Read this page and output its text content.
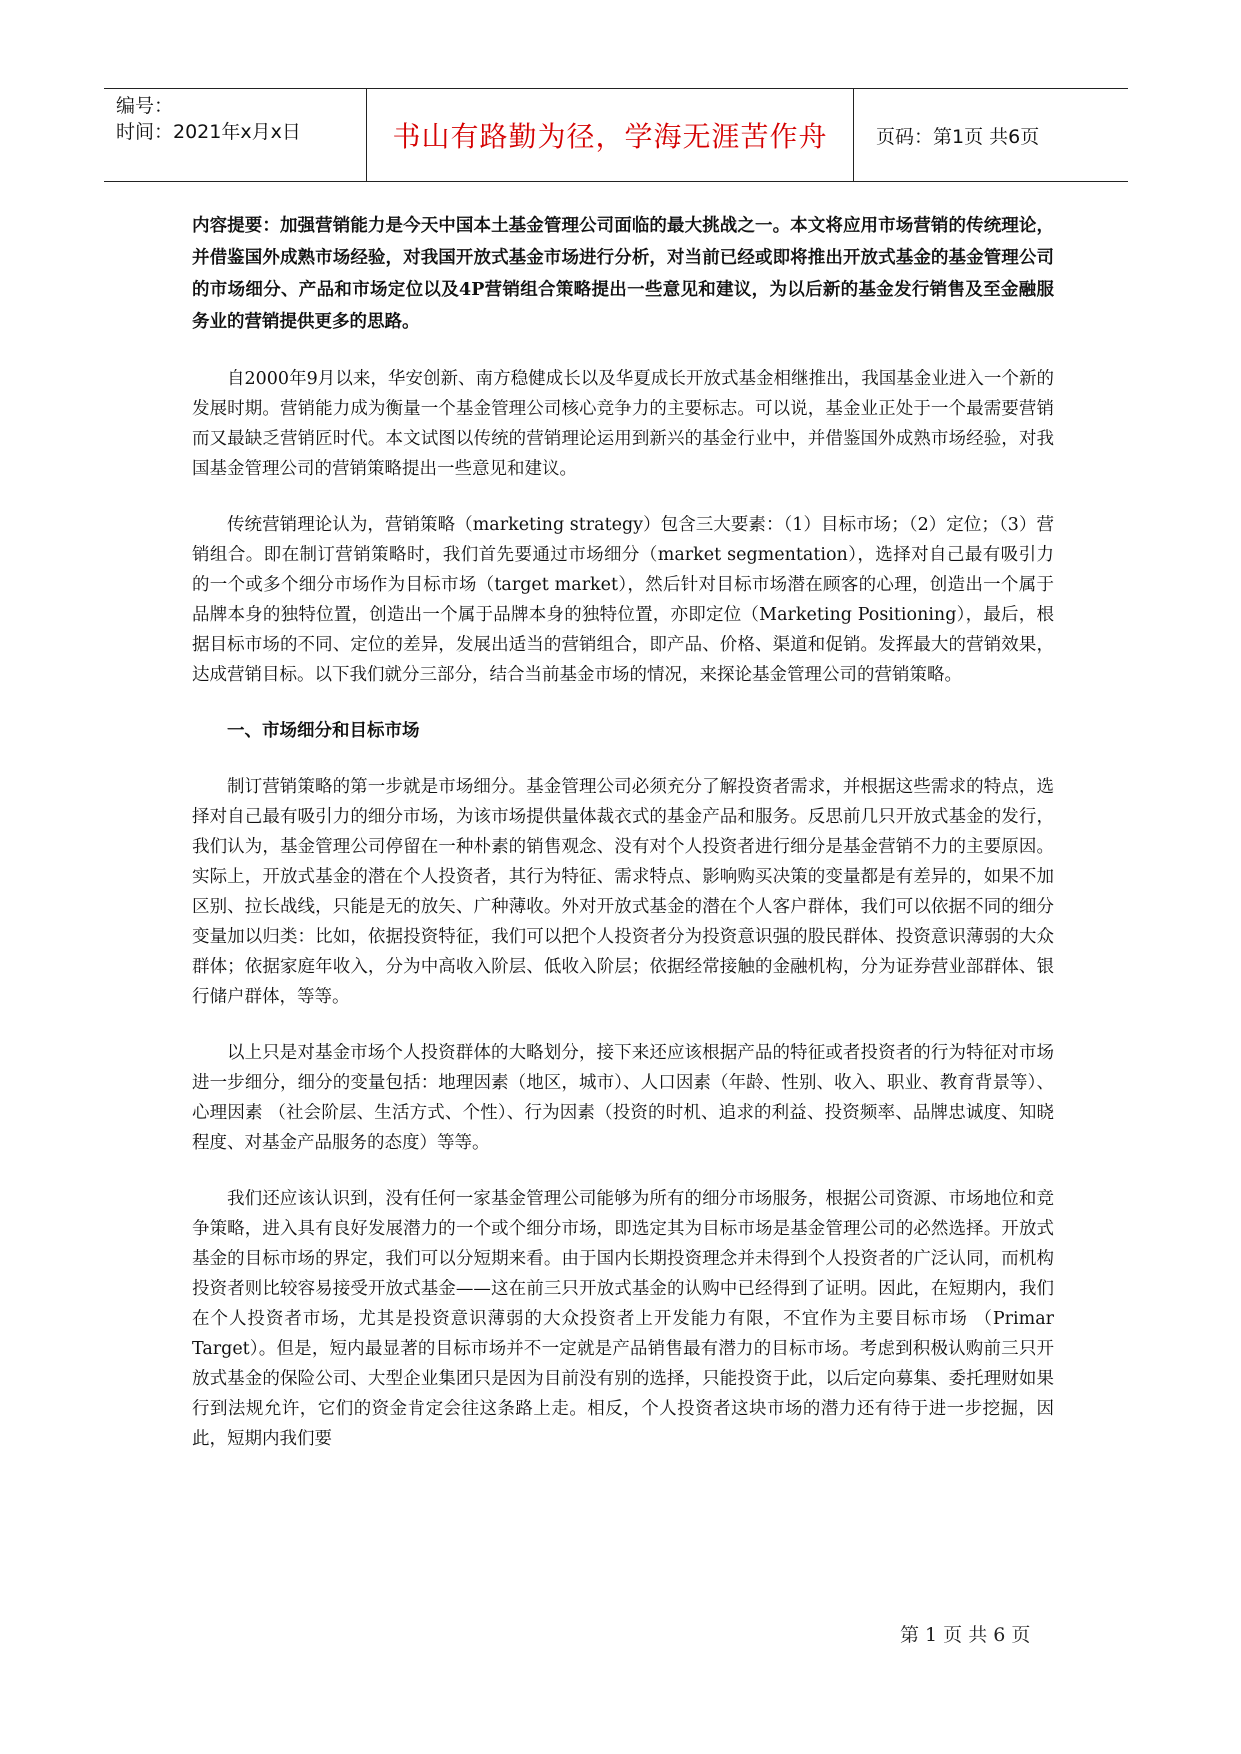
编号：
时间：2021年x月x日	书山有路勤为径，学海无涯苦作舟	页码：第1页 共6页

内容提要：加强营销能力是今天中国本土基金管理公司面临的最大挑战之一。本文将应用市场营销的传统理论，并借鉴国外成熟市场经验，对我国开放式基金市场进行分析，对当前已经或即将推出开放式基金的基金管理公司的市场细分、产品和市场定位以及4P营销组合策略提出一些意见和建议，为以后新的基金发行销售及至金融服务业的营销提供更多的思路。

自2000年9月以来，华安创新、南方稳健成长以及华夏成长开放式基金相继推出，我国基金业进入一个新的发展时期。营销能力成为衡量一个基金管理公司核心竞争力的主要标志。可以说，基金业正处于一个最需要营销而又最缺乏营销匠时代。本文试图以传统的营销理论运用到新兴的基金行业中，并借鉴国外成熟市场经验，对我国基金管理公司的营销策略提出一些意见和建议。

传统营销理论认为，营销策略（marketing strategy）包含三大要素：（1）目标市场；（2）定位；（3）营销组合。即在制订营销策略时，我们首先要通过市场细分（market segmentation），选择对自己最有吸引力的一个或多个细分市场作为目标市场（target market），然后针对目标市场潜在顾客的心理，创造出一个属于品牌本身的独特位置，创造出一个属于品牌本身的独特位置，亦即定位（Marketing Positioning），最后，根据目标市场的不同、定位的差异，发展出适当的营销组合，即产品、价格、渠道和促销。发挥最大的营销效果，达成营销目标。以下我们就分三部分，结合当前基金市场的情况，来探论基金管理公司的营销策略。

一、市场细分和目标市场

制订营销策略的第一步就是市场细分。基金管理公司必须充分了解投资者需求，并根据这些需求的特点，选择对自己最有吸引力的细分市场，为该市场提供量体裁衣式的基金产品和服务。反思前几只开放式基金的发行，我们认为，基金管理公司停留在一种朴素的销售观念、没有对个人投资者进行细分是基金营销不力的主要原因。实际上，开放式基金的潜在个人投资者，其行为特征、需求特点、影响购买决策的变量都是有差异的，如果不加区别、拉长战线，只能是无的放矢、广种薄收。外对开放式基金的潜在个人客户群体，我们可以依据不同的细分变量加以归类：比如，依据投资特征，我们可以把个人投资者分为投资意识强的股民群体、投资意识薄弱的大众群体；依据家庭年收入，分为中高收入阶层、低收入阶层；依据经常接触的金融机构，分为证券营业部群体、银行储户群体，等等。

以上只是对基金市场个人投资群体的大略划分，接下来还应该根据产品的特征或者投资者的行为特征对市场进一步细分，细分的变量包括：地理因素（地区，城市）、人口因素（年龄、性别、收入、职业、教育背景等）、心理因素 （社会阶层、生活方式、个性）、行为因素（投资的时机、追求的利益、投资频率、品牌忠诚度、知晓程度、对基金产品服务的态度）等等。

我们还应该认识到，没有任何一家基金管理公司能够为所有的细分市场服务，根据公司资源、市场地位和竞争策略，进入具有良好发展潜力的一个或个细分市场，即选定其为目标市场是基金管理公司的必然选择。开放式基金的目标市场的界定，我们可以分短期来看。由于国内长期投资理念并未得到个人投资者的广泛认同，而机构投资者则比较容易接受开放式基金——这在前三只开放式基金的认购中已经得到了证明。因此，在短期内，我们在个人投资者市场，尤其是投资意识薄弱的大众投资者上开发能力有限，不宜作为主要目标市场 （Primar Target）。但是，短内最显著的目标市场并不一定就是产品销售最有潜力的目标市场。考虑到积极认购前三只开放式基金的保险公司、大型企业集团只是因为目前没有别的选择，只能投资于此，以后定向募集、委托理财如果行到法规允许，它们的资金肯定会往这条路上走。相反，个人投资者这块市场的潜力还有待于进一步挖掘，因此，短期内我们要

第 1 页 共 6 页
